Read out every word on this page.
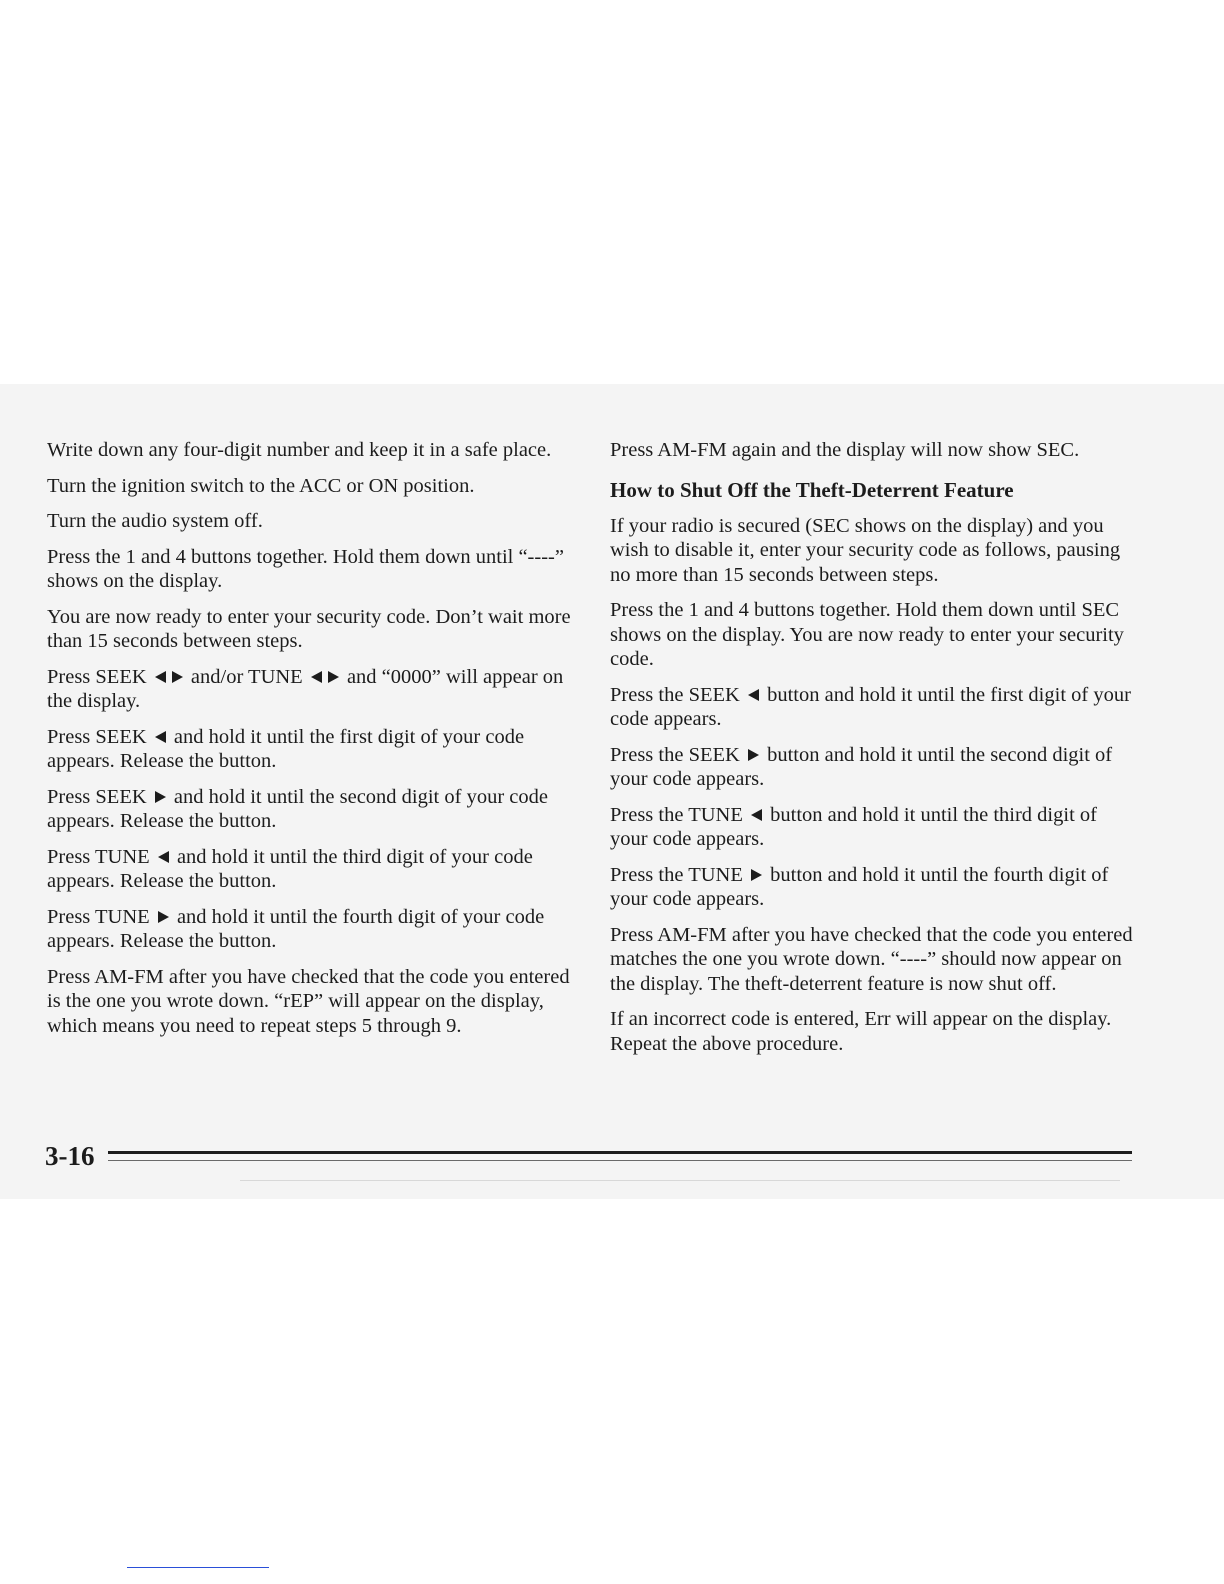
Write down any four-digit number and keep it in a safe place.

Turn the ignition switch to the ACC or ON position.

Turn the audio system off.

Press the 1 and 4 buttons together. Hold them down until “----” shows on the display.

You are now ready to enter your security code. Don’t wait more than 15 seconds between steps.

Press SEEK and/or TUNE and “0000” will appear on the display.

Press SEEK and hold it until the first digit of your code appears. Release the button.

Press SEEK and hold it until the second digit of your code appears. Release the button.

Press TUNE and hold it until the third digit of your code appears. Release the button.

Press TUNE and hold it until the fourth digit of your code appears. Release the button.

Press AM-FM after you have checked that the code you entered is the one you wrote down. “rEP” will appear on the display, which means you need to repeat steps 5 through 9.

Press AM-FM again and the display will now show SEC.

How to Shut Off the Theft-Deterrent Feature

If your radio is secured (SEC shows on the display) and you wish to disable it, enter your security code as follows, pausing no more than 15 seconds between steps.

Press the 1 and 4 buttons together. Hold them down until SEC shows on the display. You are now ready to enter your security code.

Press the SEEK button and hold it until the first digit of your code appears.

Press the SEEK button and hold it until the second digit of your code appears.

Press the TUNE button and hold it until the third digit of your code appears.

Press the TUNE button and hold it until the fourth digit of your code appears.

Press AM-FM after you have checked that the code you entered matches the one you wrote down. “----” should now appear on the display. The theft-deterrent feature is now shut off.

If an incorrect code is entered, Err will appear on the display. Repeat the above procedure.

3-16
